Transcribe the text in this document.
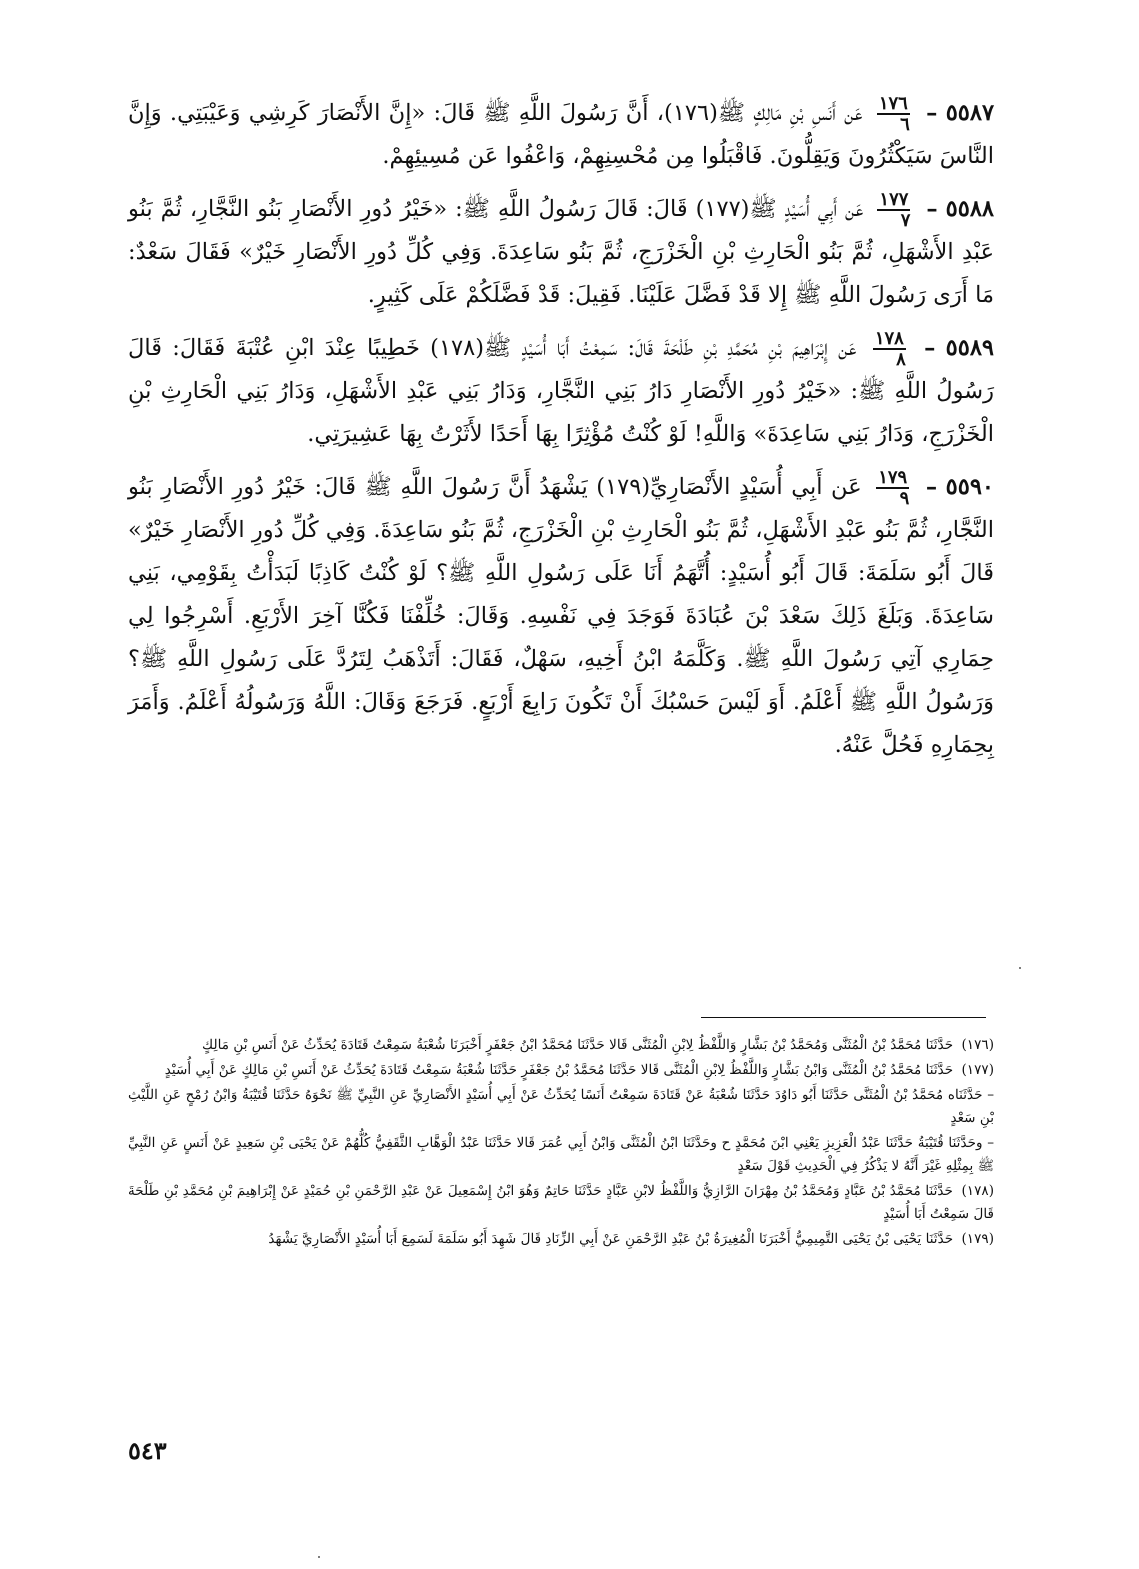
٥٥٨٧ –
$\frac{١٧٦}{٦}$
عَن أَنَسِ بْنِ مَالِكٍ ﷺ(١٧٦)، أَنَّ رَسُولَ اللَّهِ ﷺ قَالَ: «إِنَّ الأَنْصَارَ كَرِشِي وَعَيْبَتِي. وَإِنَّ النَّاسَ سَيَكْثُرُونَ وَيَقِلُّونَ. فَاقْبَلُوا مِن مُحْسِنِهِمْ، وَاعْفُوا عَن مُسِيئِهِمْ.

٥٥٨٨ –
$\frac{١٧٧}{٧}$
عَن أَبِي أُسَيْدٍ ﷺ(١٧٧) قَالَ: قَالَ رَسُولُ اللَّهِ ﷺ: «خَيْرُ دُورِ الأَنْصَارِ بَنُو النَّجَّارِ، ثُمَّ بَنُو عَبْدِ الأَشْهَلِ، ثُمَّ بَنُو الْحَارِثِ بْنِ الْخَزْرَجِ، ثُمَّ بَنُو سَاعِدَةَ. وَفِي كُلِّ دُورِ الأَنْصَارِ خَيْرٌ» فَقَالَ سَعْدٌ: مَا أَرَى رَسُولَ اللَّهِ ﷺ إِلا قَدْ فَضَّلَ عَلَيْنَا. فَقِيلَ: قَدْ فَضَّلَكُمْ عَلَى كَثِيرٍ.

٥٥٨٩ –
$\frac{١٧٨}{٨}$
عَن إِبْرَاهِيمَ بْنِ مُحَمَّدِ بْنِ طَلْحَةَ قَالَ: سَمِعْتُ أَبَا أُسَيْدٍ ﷺ(١٧٨) خَطِيبًا عِنْدَ ابْنِ عُتْبَةَ فَقَالَ: قَالَ رَسُولُ اللَّهِ ﷺ: «خَيْرُ دُورِ الأَنْصَارِ دَارُ بَنِي النَّجَّارِ، وَدَارُ بَنِي عَبْدِ الأَشْهَلِ، وَدَارُ بَنِي الْحَارِثِ بْنِ الْخَزْرَجِ، وَدَارُ بَنِي سَاعِدَةَ» وَاللَّهِ! لَوْ كُنْتُ مُؤْثِرًا بِهَا أَحَدًا لأَثَرْتُ بِهَا عَشِيرَتِي.

٥٥٩٠ –
$\frac{١٧٩}{٩}$
عَن أَبِي أُسَيْدٍ الأَنْصَارِيِّ(١٧٩) يَشْهَدُ أَنَّ رَسُولَ اللَّهِ ﷺ قَالَ: خَيْرُ دُورِ الأَنْصَارِ بَنُو النَّجَّارِ، ثُمَّ بَنُو عَبْدِ الأَشْهَلِ، ثُمَّ بَنُو الْحَارِثِ بْنِ الْخَزْرَجِ، ثُمَّ بَنُو سَاعِدَةَ. وَفِي كُلِّ دُورِ الأَنْصَارِ خَيْرٌ» قَالَ أَبُو سَلَمَةَ: قَالَ أَبُو أُسَيْدٍ: أُتَّهَمُ أَنَا عَلَى رَسُولِ اللَّهِ ﷺ؟ لَوْ كُنْتُ كَاذِبًا لَبَدَأْتُ بِقَوْمِي، بَنِي سَاعِدَةَ. وَبَلَغَ ذَلِكَ سَعْدَ بْنَ عُبَادَةَ فَوَجَدَ فِي نَفْسِهِ. وَقَالَ: خُلِّفْنَا فَكُنَّا آخِرَ الأَرْبَعِ. أَسْرِجُوا لِي حِمَارِي آتِي رَسُولَ اللَّهِ ﷺ. وَكَلَّمَهُ ابْنُ أَخِيهِ، سَهْلٌ، فَقَالَ: أَتَذْهَبُ لِتَرُدَّ عَلَى رَسُولِ اللَّهِ ﷺ؟ وَرَسُولُ اللَّهِ ﷺ أَعْلَمُ. أَوَ لَيْسَ حَسْبُكَ أَنْ تَكُونَ رَابِعَ أَرْبَعٍ. فَرَجَعَ وَقَالَ: اللَّهُ وَرَسُولُهُ أَعْلَمُ. وَأَمَرَ بِحِمَارِهِ فَحُلَّ عَنْهُ.

(١٧٦) حَدَّثَنَا مُحَمَّدُ بْنُ الْمُثَنَّى وَمُحَمَّدُ بْنُ بَشَّارٍ وَاللَّفْظُ لِابْنِ الْمُثَنَّى قَالا حَدَّثَنَا مُحَمَّدُ ابْنُ جَعْفَرٍ أَخْبَرَنَا شُعْبَةُ سَمِعْتُ قَتَادَةَ يُحَدِّثُ عَنْ أَنَسِ بْنِ مَالِكٍ

(١٧٧) حَدَّثَنَا مُحَمَّدُ بْنُ الْمُثَنَّى وَابْنُ بَشَّارٍ وَاللَّفْظُ لِابْنِ الْمُثَنَّى قَالا حَدَّثَنَا مُحَمَّدُ بْنُ جَعْفَرٍ حَدَّثَنَا شُعْبَةُ سَمِعْتُ قَتَادَةَ يُحَدِّثُ عَنْ أَنَسِ بْنِ مَالِكٍ عَنْ أَبِي أُسَيْدٍ

– حَدَّثَنَاه مُحَمَّدُ بْنُ الْمُثَنَّى حَدَّثَنَا أَبُو دَاوُدَ حَدَّثَنَا شُعْبَةُ عَنْ قَتَادَةَ سَمِعْتُ أَنَسًا يُحَدِّثُ عَنْ أَبِي أُسَيْدٍ الأَنْصَارِيِّ عَنِ النَّبِيِّ ﷺ نَحْوَهُ حَدَّثَنَا قُتَيْبَةُ وَابْنُ رُمْحٍ عَنِ اللَّيْثِ بْنِ سَعْدٍ

– وحَدَّثَنَا قُتَيْبَةُ حَدَّثَنَا عَبْدُ الْعَزِيزِ يَعْنِي ابْنَ مُحَمَّدٍ ح وحَدَّثَنَا ابْنُ الْمُثَنَّى وَابْنُ أَبِي عُمَرَ قَالا حَدَّثَنَا عَبْدُ الْوَهَّابِ الثَّقَفِيُّ كُلُّهُمْ عَنْ يَحْيَى بْنِ سَعِيدٍ عَنْ أَنَسٍ عَنِ النَّبِيِّ ﷺ بِمِثْلِهِ غَيْرَ أَنَّهُ لا يَذْكُرُ فِي الْحَدِيثِ قَوْلَ سَعْدٍ

(١٧٨) حَدَّثَنَا مُحَمَّدُ بْنُ عَبَّادٍ وَمُحَمَّدُ بْنُ مِهْرَانَ الرَّازِيُّ وَاللَّفْظُ لابْنِ عَبَّادٍ حَدَّثَنَا حَاتِمٌ وَهُوَ ابْنُ إِسْمَعِيلَ عَنْ عَبْدِ الرَّحْمَنِ بْنِ حُمَيْدٍ عَنْ إِبْرَاهِيمَ بْنِ مُحَمَّدِ بْنِ طَلْحَةَ قَالَ سَمِعْتُ أَبَا أُسَيْدٍ

(١٧٩) حَدَّثَنَا يَحْيَى بْنُ يَحْيَى التَّمِيمِيُّ أَخْبَرَنَا الْمُغِيرَةُ بْنُ عَبْدِ الرَّحْمَنِ عَنْ أَبِي الزِّنَادِ قَالَ شَهِدَ أَبُو سَلَمَةَ لَسَمِعَ أَبَا أُسَيْدٍ الأَنْصَارِيَّ يَشْهَدُ

٥٤٣
